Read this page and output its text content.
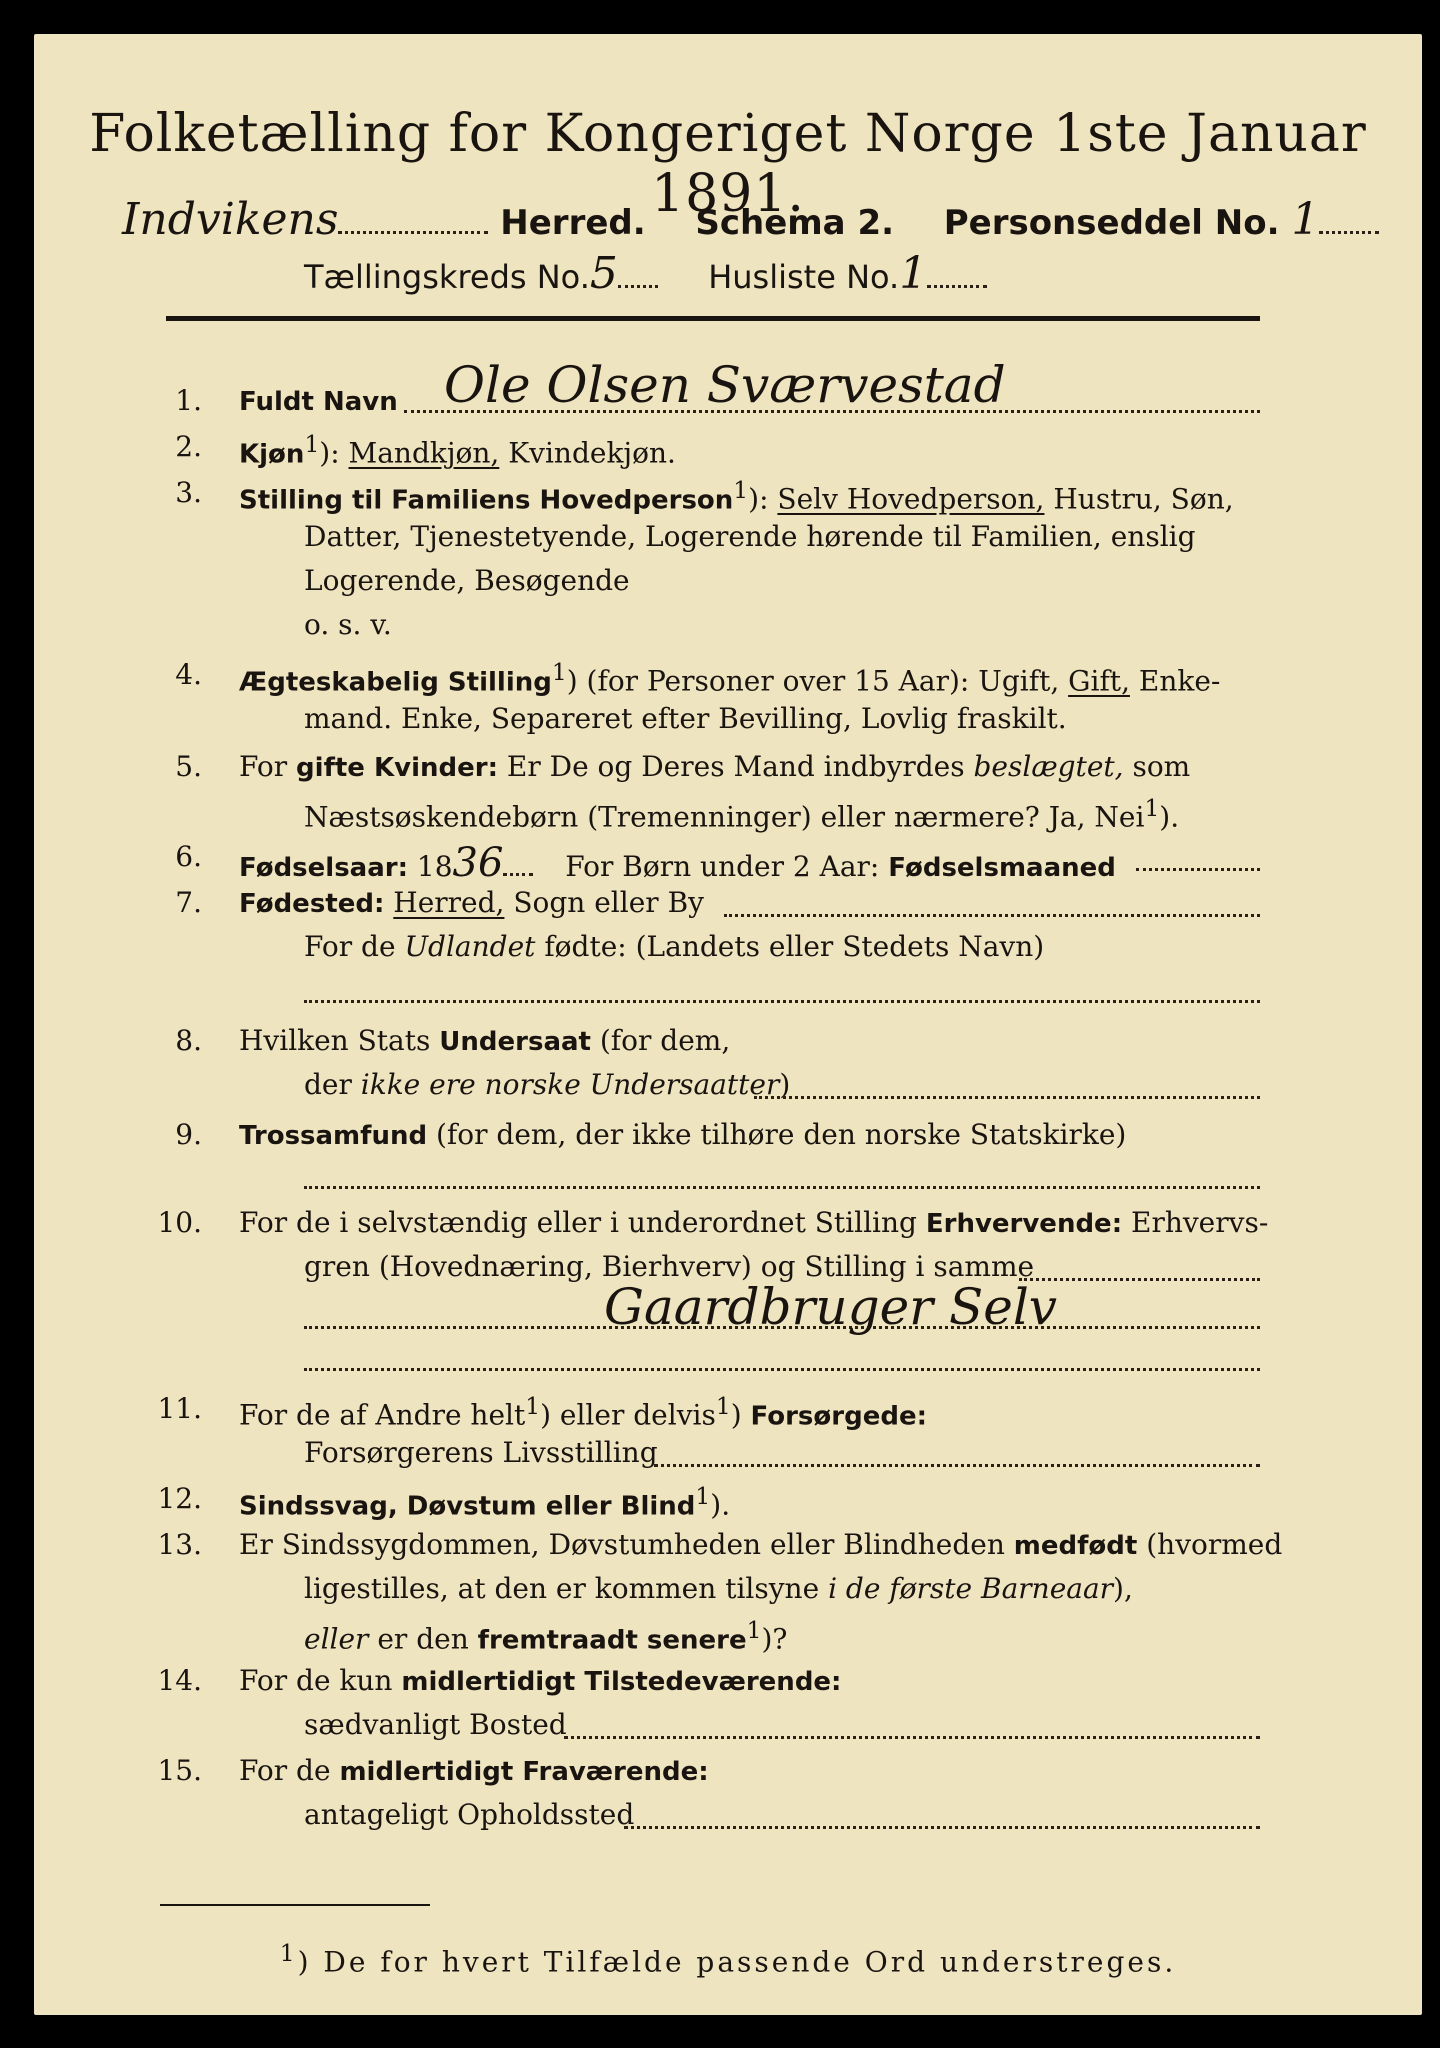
Folketælling for Kongeriget Norge 1ste Januar 1891.
Indvikens	Herred. Schema 2. Personseddel No. 1
Tællingskreds No.5	Husliste No.1
1. Fuldt Navn Ole Olsen Sværvestad
2. Kjøn$^1$): Mandkjøn, Kvindekjøn.
3. Stilling til Familiens Hovedperson$^1$): Selv Hovedperson, Hustru, Søn,
Datter, Tjenestetyende, Logerende hørende til Familien, enslig
Logerende, Besøgende
o. s. v.
4. Ægteskabelig Stilling$^1$) (for Personer over 15 Aar): Ugift, Gift, Enke-
mand. Enke, Separeret efter Bevilling, Lovlig fraskilt.
5. For gifte Kvinder: Er De og Deres Mand indbyrdes beslægtet, som
Næstsøskendebørn (Tremenninger) eller nærmere? Ja, Nei$^1$).
6. Fødselsaar: 1836 For Børn under 2 Aar: Fødselsmaaned
7. Fødested: Herred, Sogn eller By
For de Udlandet fødte: (Landets eller Stedets Navn)
8. Hvilken Stats Undersaat (for dem,
der ikke ere norske Undersaatter)
9. Trossamfund (for dem, der ikke tilhøre den norske Statskirke)
10. For de i selvstændig eller i underordnet Stilling Erhvervende: Erhvervs-
gren (Hovednæring, Bierhverv) og Stilling i samme
Gaardbruger Selv
11. For de af Andre helt$^1$) eller delvis$^1$) Forsørgede:
Forsørgerens Livsstilling
12. Sindssvag, Døvstum eller Blind$^1$).
13. Er Sindssygdommen, Døvstumheden eller Blindheden medfødt (hvormed
ligestilles, at den er kommen tilsyne i de første Barneaar),
eller er den fremtraadt senere$^1$)?
14. For de kun midlertidigt Tilstedeværende:
sædvanligt Bosted
15. For de midlertidigt Fraværende:
antageligt Opholdssted
$^1$) De for hvert Tilfælde passende Ord understreges.
